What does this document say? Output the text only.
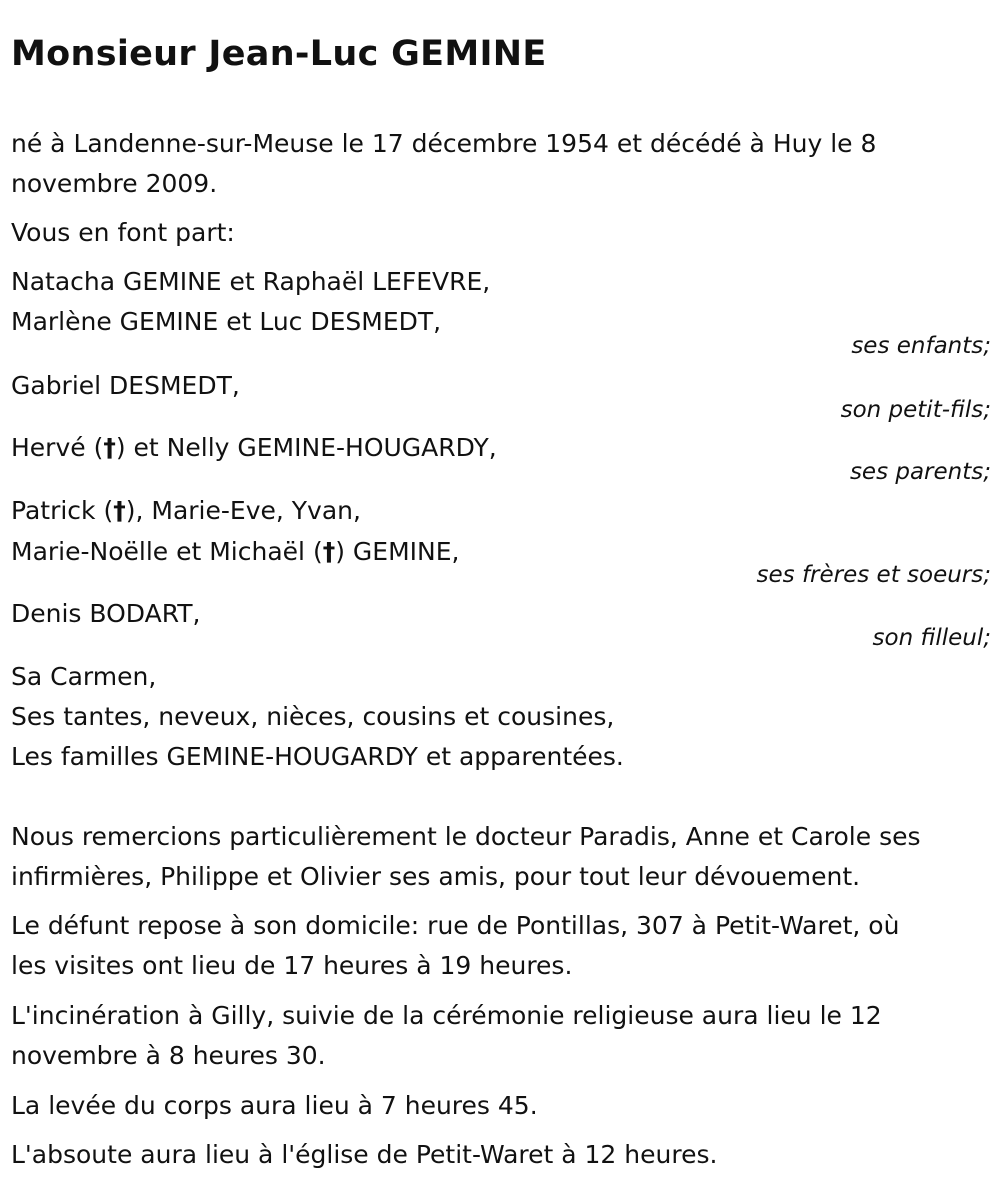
Monsieur Jean-Luc GEMINE
né à Landenne-sur-Meuse le 17 décembre 1954 et décédé à Huy le 8
novembre 2009.
Vous en font part:
Natacha GEMINE et Raphaël LEFEVRE,
Marlène GEMINE et Luc DESMEDT,
ses enfants;
Gabriel DESMEDT,
son petit-fils;
Hervé (†) et Nelly GEMINE-HOUGARDY,
ses parents;
Patrick (†), Marie-Eve, Yvan,
Marie-Noëlle et Michaël (†) GEMINE,
ses frères et soeurs;
Denis BODART,
son filleul;
Sa Carmen,
Ses tantes, neveux, nièces, cousins et cousines,
Les familles GEMINE-HOUGARDY et apparentées.
Nous remercions particulièrement le docteur Paradis, Anne et Carole ses
infirmières, Philippe et Olivier ses amis, pour tout leur dévouement.
Le défunt repose à son domicile: rue de Pontillas, 307 à Petit-Waret, où
les visites ont lieu de 17 heures à 19 heures.
L'incinération à Gilly, suivie de la cérémonie religieuse aura lieu le 12
novembre à 8 heures 30.
La levée du corps aura lieu à 7 heures 45.
L'absoute aura lieu à l'église de Petit-Waret à 12 heures.
